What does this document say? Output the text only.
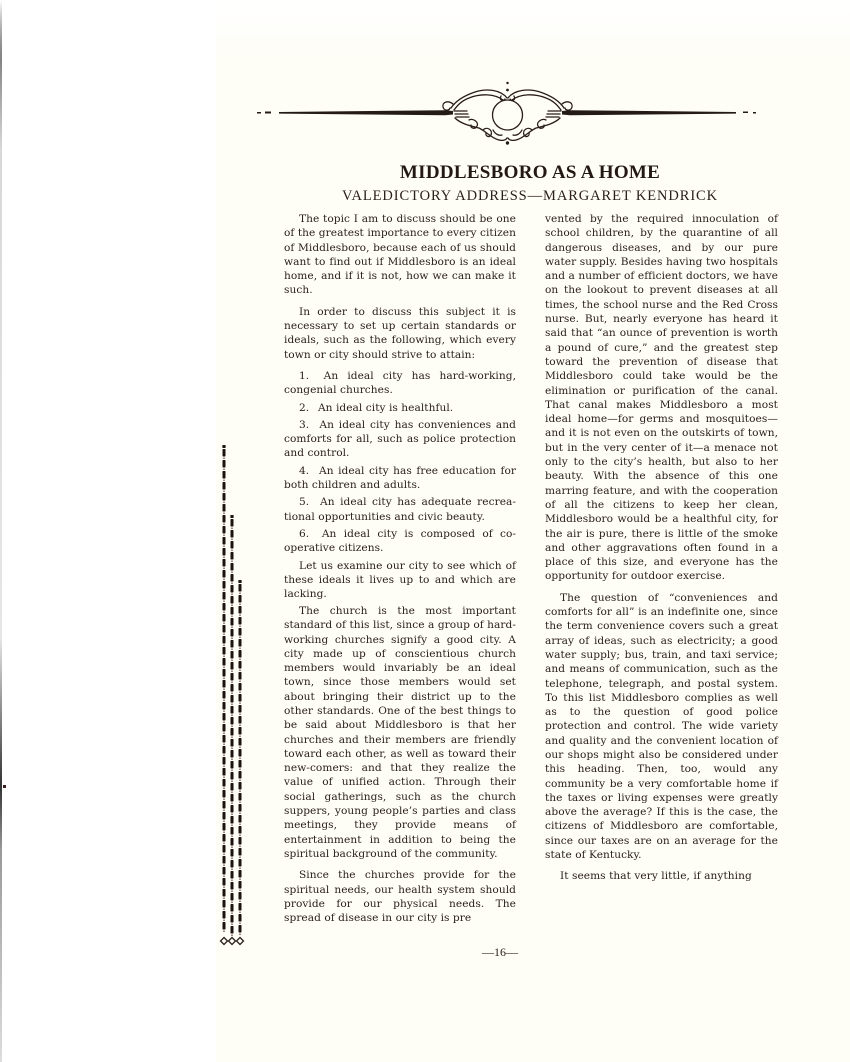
MIDDLESBORO AS A HOME
VALEDICTORY ADDRESS—MARGARET KENDRICK

The topic I am to discuss should be one of the greatest importance to every citizen of Middlesboro, because each of us should want to find out if Middlesboro is an ideal home, and if it is not, how we can make it such.

In order to discuss this subject it is necessary to set up certain standards or ideals, such as the following, which every town or city should strive to attain:

1.  An ideal city has hard-working, congenial churches.

2.  An ideal city is healthful.

3.  An ideal city has conveniences and comforts for all, such as police protection and control.

4.  An ideal city has free education for both children and adults.

5.  An ideal city has adequate recreational opportunities and civic beauty.

6.  An ideal city is composed of cooperative citizens.

Let us examine our city to see which of these ideals it lives up to and which are lacking.

The church is the most important standard of this list, since a group of hard-working churches signify a good city. A city made up of conscientious church members would invariably be an ideal town, since those members would set about bringing their district up to the other standards. One of the best things to be said about Middlesboro is that her churches and their members are friendly toward each other, as well as toward their new-comers: and that they realize the value of unified action. Through their social gatherings, such as the church suppers, young people’s parties and class meetings, they provide means of entertainment in addition to being the spiritual background of the community.

Since the churches provide for the spiritual needs, our health system should provide for our physical needs. The spread of disease in our city is pre

vented by the required innoculation of school children, by the quarantine of all dangerous diseases, and by our pure water supply. Besides having two hospitals and a number of efficient doctors, we have on the lookout to prevent diseases at all times, the school nurse and the Red Cross nurse. But, nearly everyone has heard it said that “an ounce of prevention is worth a pound of cure,” and the greatest step toward the prevention of disease that Middlesboro could take would be the elimination or purification of the canal. That canal makes Middlesboro a most ideal home—for germs and mosquitoes—and it is not even on the outskirts of town, but in the very center of it—a menace not only to the city’s health, but also to her beauty. With the absence of this one marring feature, and with the cooperation of all the citizens to keep her clean, Middlesboro would be a healthful city, for the air is pure, there is little of the smoke and other aggravations often found in a place of this size, and everyone has the opportunity for outdoor exercise.

The question of “conveniences and comforts for all” is an indefinite one, since the term convenience covers such a great array of ideas, such as electricity; a good water supply; bus, train, and taxi service; and means of communication, such as the telephone, telegraph, and postal system. To this list Middlesboro complies as well as to the question of good police protection and control. The wide variety and quality and the convenient location of our shops might also be considered under this heading. Then, too, would any community be a very comfortable home if the taxes or living expenses were greatly above the average? If this is the case, the citizens of Middlesboro are comfortable, since our taxes are on an average for the state of Kentucky.

It seems that very little, if anything

—16—
